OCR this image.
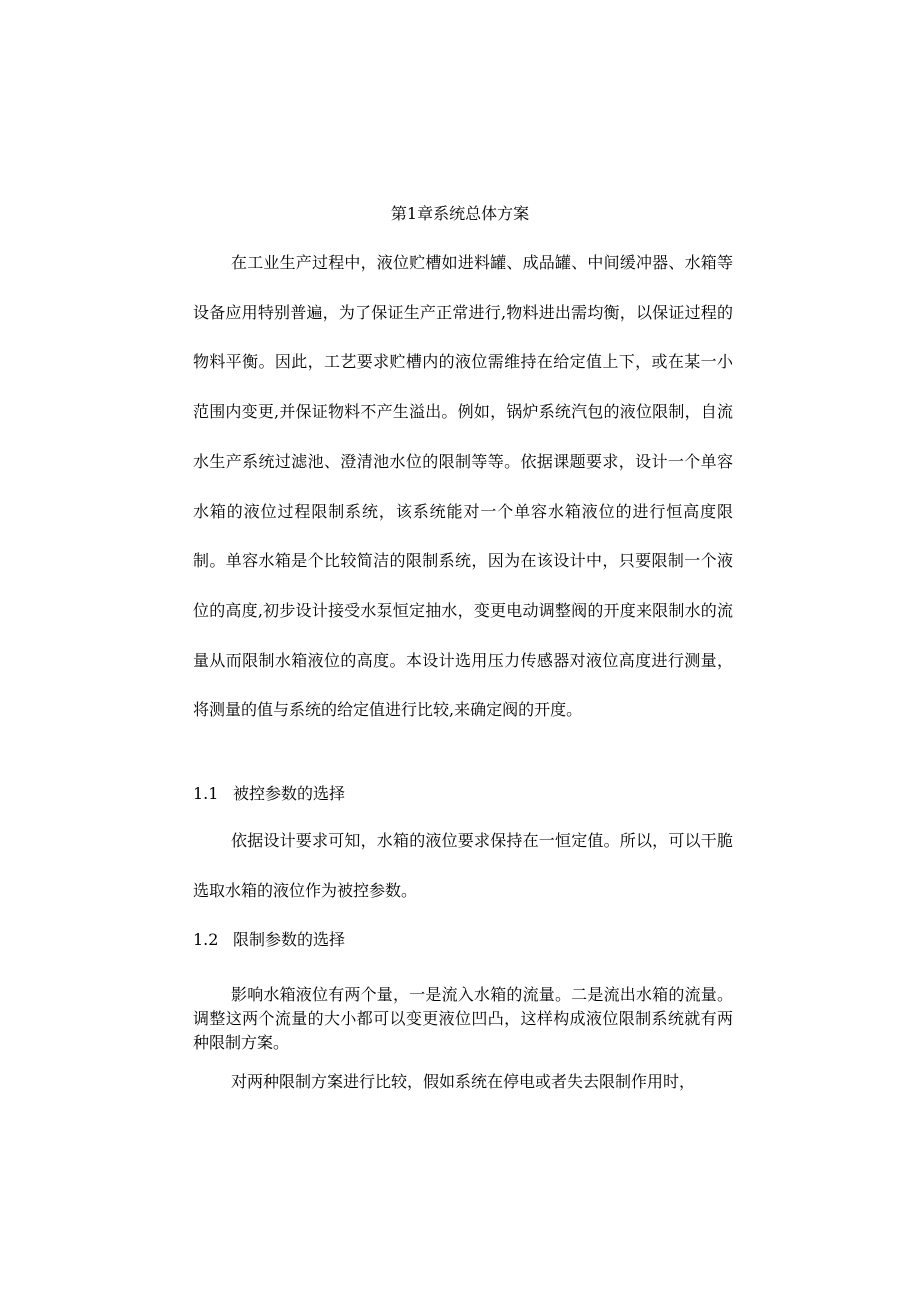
第1章系统总体方案

在工业生产过程中，液位贮槽如进料罐、成品罐、中间缓冲器、水箱等设备应用特别普遍，为了保证生产正常进行,物料进出需均衡，以保证过程的物料平衡。因此，工艺要求贮槽内的液位需维持在给定值上下，或在某一小范围内变更,并保证物料不产生溢出。例如，锅炉系统汽包的液位限制，自流水生产系统过滤池、澄清池水位的限制等等。依据课题要求，设计一个单容水箱的液位过程限制系统，该系统能对一个单容水箱液位的进行恒高度限制。单容水箱是个比较简洁的限制系统，因为在该设计中，只要限制一个液位的高度,初步设计接受水泵恒定抽水，变更电动调整阀的开度来限制水的流量从而限制水箱液位的高度。本设计选用压力传感器对液位高度进行测量，将测量的值与系统的给定值进行比较,来确定阀的开度。

1.1 被控参数的选择

依据设计要求可知，水箱的液位要求保持在一恒定值。所以，可以干脆选取水箱的液位作为被控参数。

1.2 限制参数的选择

影响水箱液位有两个量，一是流入水箱的流量。二是流出水箱的流量。调整这两个流量的大小都可以变更液位凹凸，这样构成液位限制系统就有两种限制方案。

对两种限制方案进行比较，假如系统在停电或者失去限制作用时，
